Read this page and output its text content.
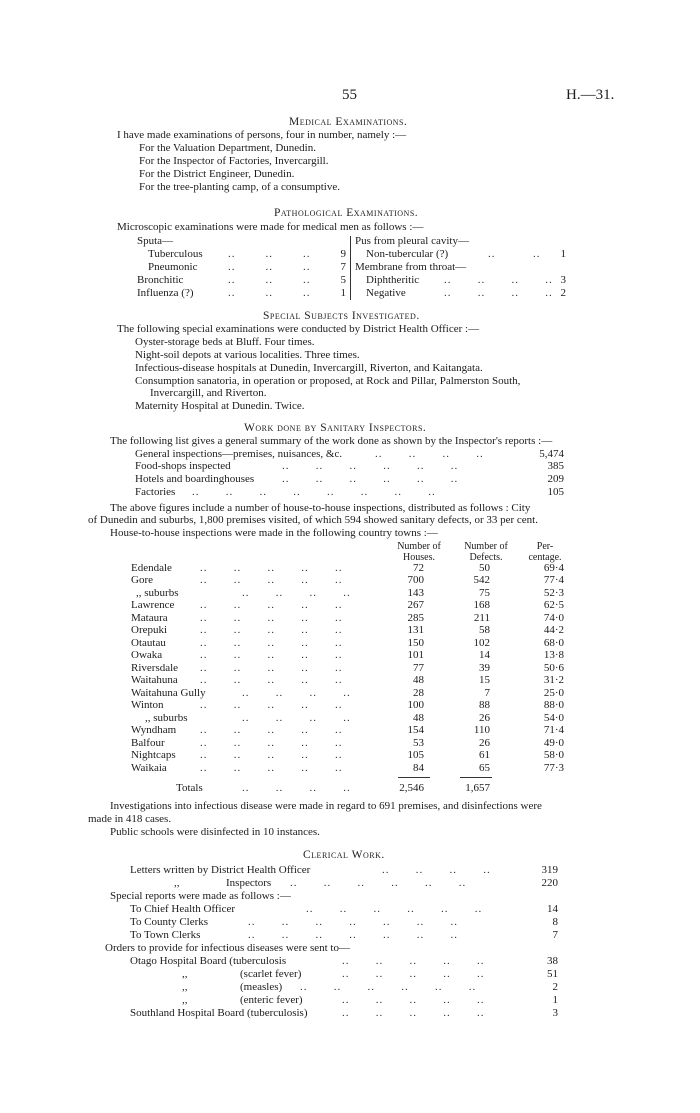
55	H.—31.
Medical Examinations.
I have made examinations of persons, four in number, namely :—
For the Valuation Department, Dunedin.
For the Inspector of Factories, Invercargill.
For the District Engineer, Dunedin.
For the tree-planting camp, of a consumptive.
Pathological Examinations.
Microscopic examinations were made for medical men as follows :—
Sputa—
Tuberculous ..        ..        ..	9
Pneumonic	..        ..        ..	7
Bronchitic	..        ..        ..	5
Influenza (?)	..        ..        ..	1
Pus from pleural cavity—
Non-tubercular (?)	..          ..	1
Membrane from throat—
Diphtheritic ..       ..       ..       .. 3
Negative	..       ..       ..       .. 2
Special Subjects Investigated.
The following special examinations were conducted by District Health Officer :—
Oyster-storage beds at Bluff. Four times.
Night-soil depots at various localities. Three times.
Infectious-disease hospitals at Dunedin, Invercargill, Riverton, and Kaitangata.
Consumption sanatoria, in operation or proposed, at Rock and Pillar, Palmerston South,
Invercargill, and Riverton.
Maternity Hospital at Dunedin. Twice.
Work done by Sanitary Inspectors.
The following list gives a general summary of the work done as shown by the Inspector's reports :—
General inspections—premises, nuisances, &c.	..       ..       ..       ..	5,474
Food-shops inspected	..       ..       ..       ..       ..       ..	385
Hotels and boardinghouses	..       ..       ..       ..       ..       ..	209
Factories ..       ..       ..       ..       ..       ..       ..       ..	105
The above figures include a number of house-to-house inspections, distributed as follows : City
of Dunedin and suburbs, 1,800 premises visited, of which 594 showed sanitary defects, or 33 per cent.
House-to-house inspections were made in the following country towns :—
Number of
Houses.
Number of
Defects.
Per-
centage.
Edendale	..       ..       ..       ..       ..	72	50	69·4
Gore	..       ..       ..       ..       ..	700	542	77·4
,, suburbs	..       ..       ..       ..	143	75	52·3
Lawrence ..       ..       ..       ..       ..	267	168	62·5
Mataura	..       ..       ..       ..       ..	285	211	74·0
Orepuki	..       ..       ..       ..       ..	131	58	44·2
Otautau	..       ..       ..       ..       ..	150	102	68·0
Owaka	..       ..       ..       ..       ..	101	14	13·8
Riversdale ..       ..       ..       ..       ..	77	39	50·6
Waitahuna ..       ..       ..       ..       ..	48	15	31·2
Waitahuna Gully	..       ..       ..       ..	28	7	25·0
Winton	..       ..       ..       ..       ..	100	88	88·0
,, suburbs	..       ..       ..       ..	48	26	54·0
Wyndham ..       ..       ..       ..       ..	154	110	71·4
Balfour	..       ..       ..       ..       ..	53	26	49·0
Nightcaps ..       ..       ..       ..       ..	105	61	58·0
Waikaia	..       ..       ..       ..       ..	84	65	77·3
Totals	..       ..       ..       ..	2,546	1,657
Investigations into infectious disease were made in regard to 691 premises, and disinfections were
made in 418 cases.
Public schools were disinfected in 10 instances.
Clerical Work.
Letters written by District Health Officer	..       ..       ..       ..	319
,,	Inspectors ..       ..       ..       ..       ..       ..	220
Special reports were made as follows :—
To Chief Health Officer	..       ..       ..       ..       ..       ..	14
To County Clerks	..       ..       ..       ..       ..       ..       ..	8
To Town Clerks	..       ..       ..       ..       ..       ..       ..	7
Orders to provide for infectious diseases were sent to—
Otago Hospital Board (tuberculosis	..       ..       ..       ..       ..	38
,,	(scarlet fever)	..       ..       ..       ..       ..	51
,,	(measles) ..       ..       ..       ..       ..       ..	2
,,	(enteric fever)	..       ..       ..       ..       ..	1
Southland Hospital Board (tuberculosis)	..       ..       ..       ..       ..	3
